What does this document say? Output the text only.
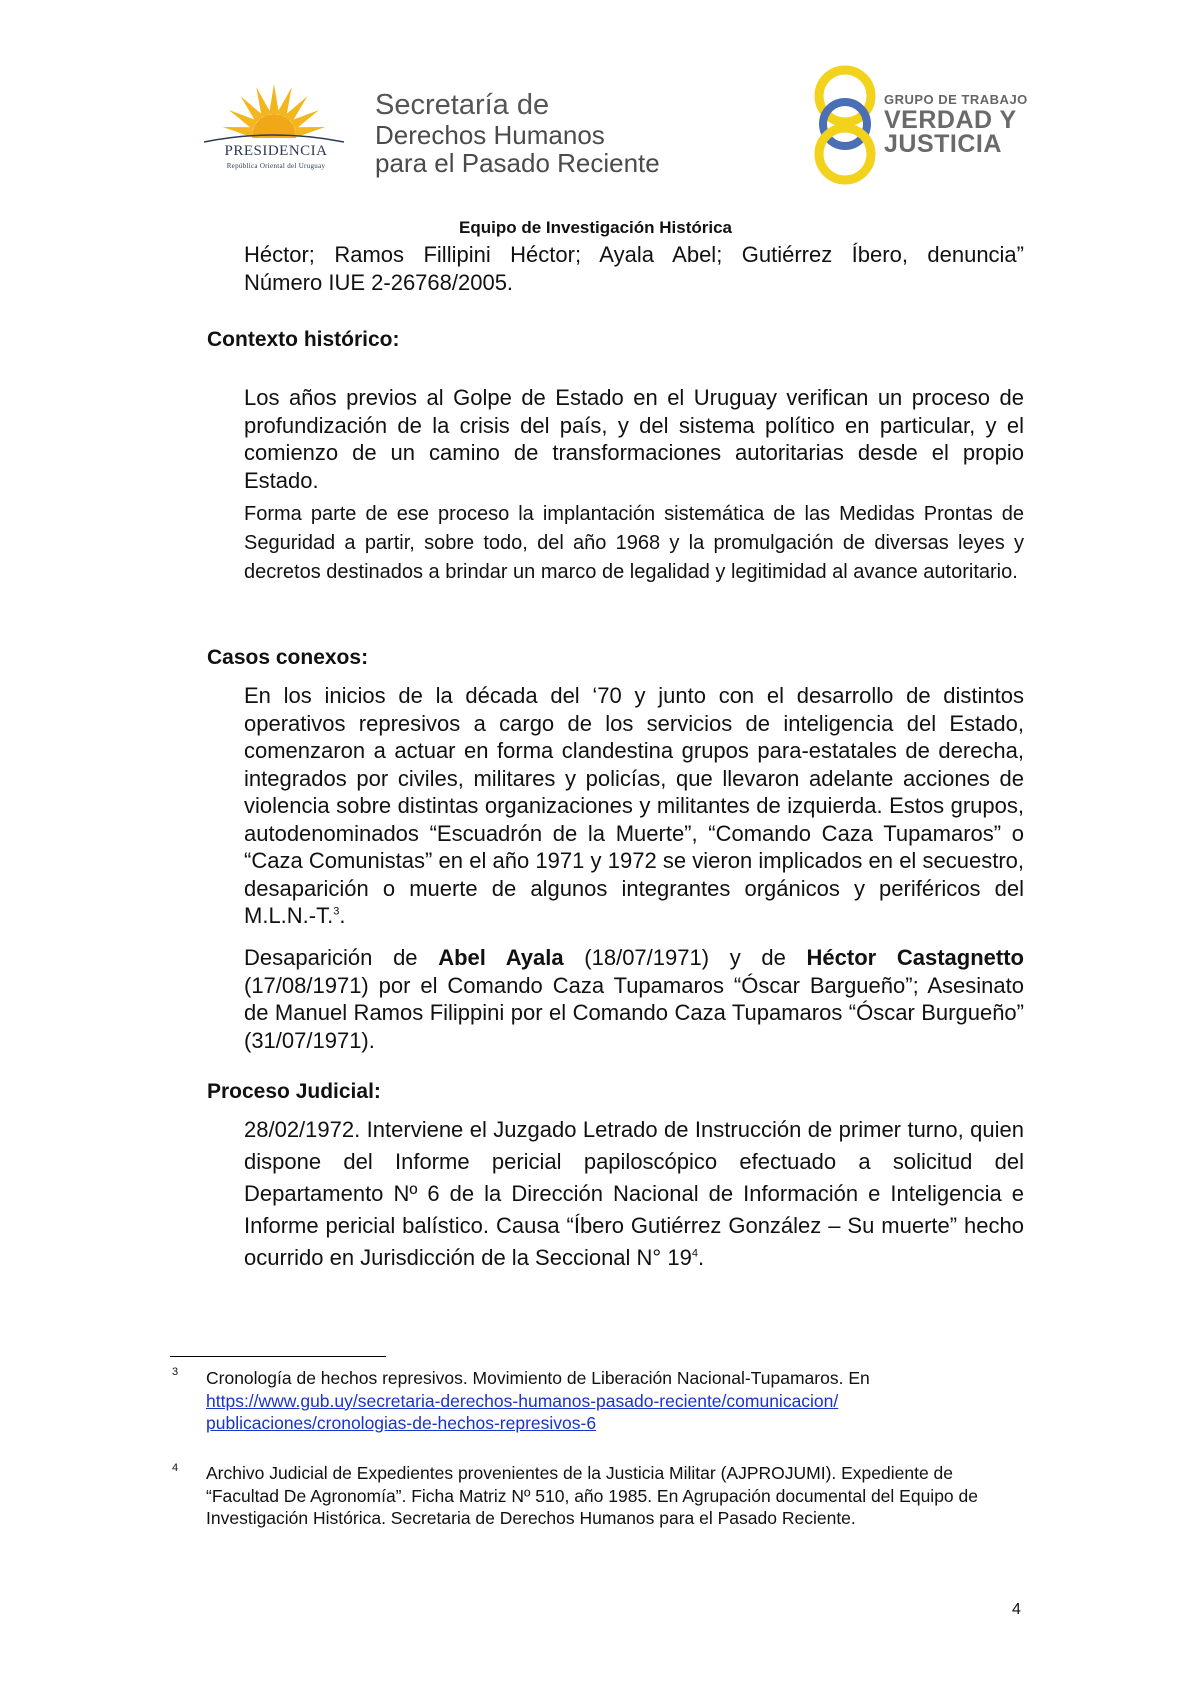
PRESIDENCIA
República Oriental del Uruguay
Secretaría de
Derechos Humanos
para el Pasado Reciente
GRUPO DE TRABAJO
VERDAD Y
JUSTICIA
Equipo de Investigación Histórica
Héctor; Ramos Fillipini Héctor; Ayala Abel; Gutiérrez Íbero, denuncia”
Número IUE 2-26768/2005.
Contexto histórico:
Los años previos al Golpe de Estado en el Uruguay verifican un proceso de profundización de la crisis del país, y del sistema político en particular, y el comienzo de un camino de transformaciones autoritarias desde el propio Estado.
Forma parte de ese proceso la implantación sistemática de las Medidas Prontas de Seguridad a partir, sobre todo, del año 1968 y la promulgación de diversas leyes y decretos destinados a brindar un marco de legalidad y legitimidad al avance autoritario.
Casos conexos:
En los inicios de la década del ‘70 y junto con el desarrollo de distintos operativos represivos a cargo de los servicios de inteligencia del Estado, comenzaron a actuar en forma clandestina grupos para-estatales de derecha, integrados por civiles, militares y policías, que llevaron adelante acciones de violencia sobre distintas organizaciones y militantes de izquierda. Estos grupos, autodenominados “Escuadrón de la Muerte”, “Comando Caza Tupamaros” o “Caza Comunistas” en el año 1971 y 1972 se vieron implicados en el secuestro, desaparición o muerte de algunos integrantes orgánicos y periféricos del M.L.N.-T.$^3$.
Desaparición de Abel Ayala (18/07/1971) y de Héctor Castagnetto (17/08/1971) por el Comando Caza Tupamaros “Óscar Bargueño”; Asesinato de Manuel Ramos Filippini por el Comando Caza Tupamaros “Óscar Burgueño” (31/07/1971).
Proceso Judicial:
28/02/1972. Interviene el Juzgado Letrado de Instrucción de primer turno, quien dispone del Informe pericial papiloscópico efectuado a solicitud del Departamento Nº 6 de la Dirección Nacional de Información e Inteligencia e Informe pericial balístico. Causa “Íbero Gutiérrez González – Su muerte” hecho ocurrido en Jurisdicción de la Seccional N° $19^4$.
3 Cronología de hechos represivos. Movimiento de Liberación Nacional-Tupamaros. En
https://www.gub.uy/secretaria-derechos-humanos-pasado-reciente/comunicacion/
publicaciones/cronologias-de-hechos-represivos-6
4 Archivo Judicial de Expedientes provenientes de la Justicia Militar (AJPROJUMI). Expediente de “Facultad De Agronomía”. Ficha Matriz Nº 510, año 1985. En Agrupación documental del Equipo de Investigación Histórica. Secretaria de Derechos Humanos para el Pasado Reciente.
4
